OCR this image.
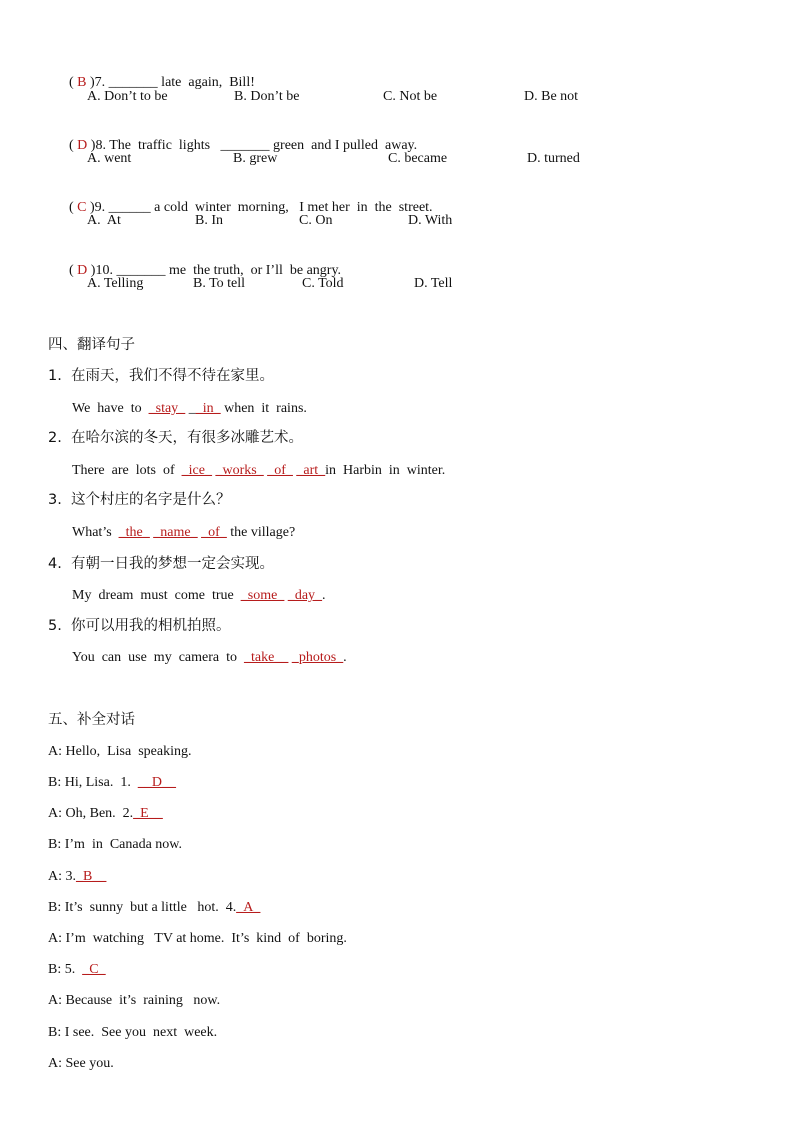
( B )7. _______ late  again,  Bill!

A. Don’t to be	B. Don’t be	C. Not be	D. Be not

( D )8. The  traffic  lights   _______ green  and I pulled  away.

A. went	B. grew	C. became	D. turned

( C )9. ______ a cold  winter  morning,   I met her  in  the  street.

A.  At	B. In	C. On	D. With

( D )10. _______ me  the truth,  or I’ll  be angry.

A. Telling	B. To tell	C. Told	D. Tell
四、翻译句子
1.  在雨天，我们不得不待在家里。
We  have  to  _stay_ __in_ when  it  rains.
2.  在哈尔滨的冬天，有很多冰雕艺术。
There  are  lots  of  _ice_ _works_ _of_ _art_in  Harbin  in  winter.
3.  这个村庄的名字是什么？
What’s  _the_ _name_ _of_ the village?
4.  有朝一日我的梦想一定会实现。
My  dream  must  come  true  _some_ _day_.
5.  你可以用我的相机拍照。
You  can  use  my  camera  to  _take__ _photos_.
五、补全对话
A: Hello,  Lisa  speaking.
B: Hi, Lisa.  1.  __D__
A: Oh, Ben.  2._E__
B: I’m  in  Canada now.
A: 3._B__
B: It’s  sunny  but a little   hot.  4._A_
A: I’m  watching   TV at home.  It’s  kind  of  boring.
B: 5.  _C_
A: Because  it’s  raining   now.
B: I see.  See you  next  week.
A: See you.
